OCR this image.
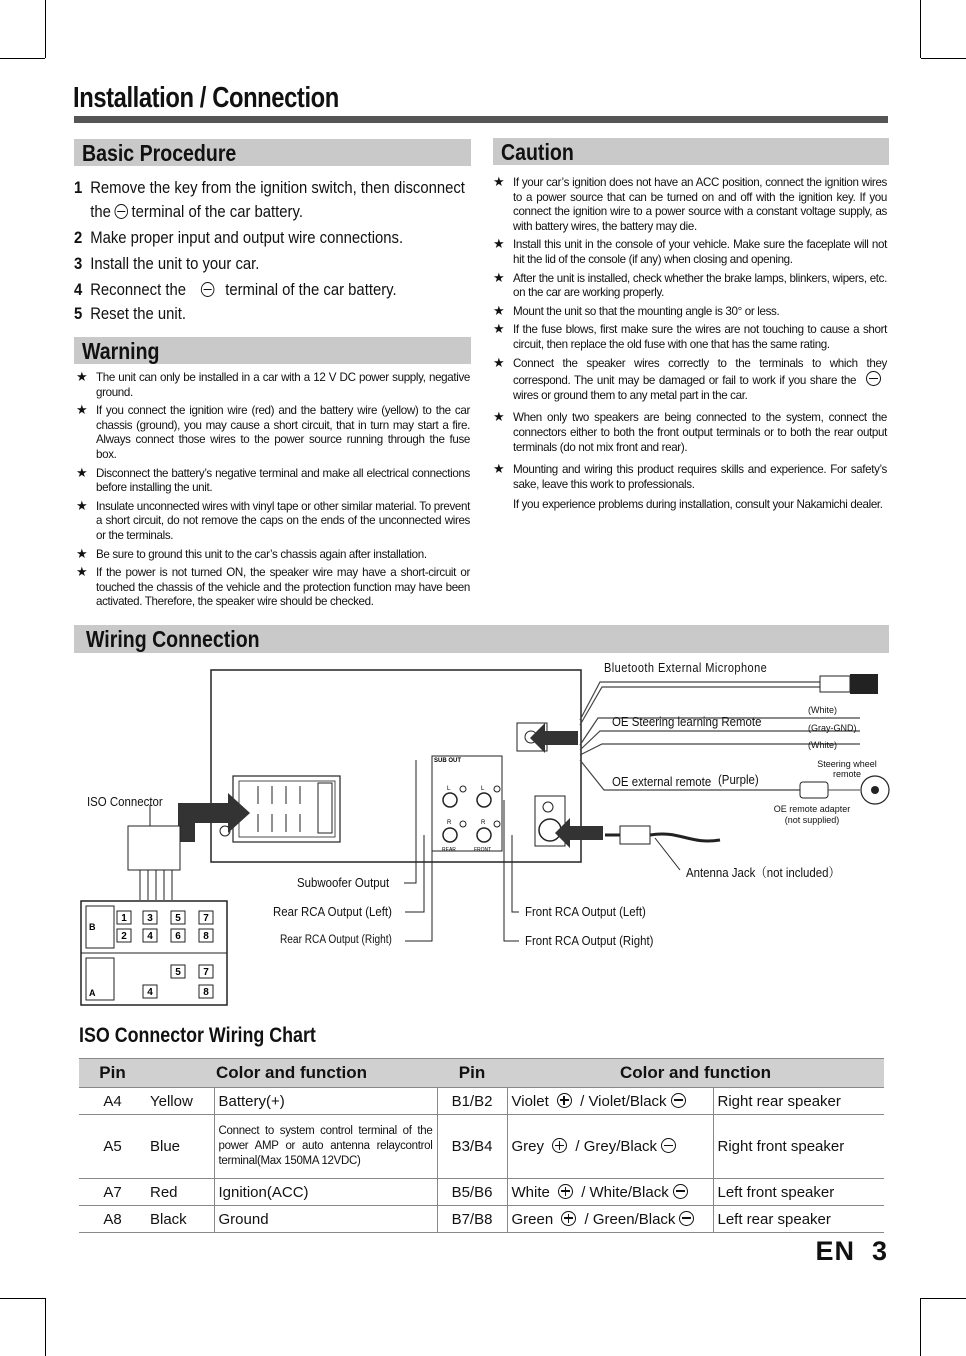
Installation / Connection
Basic Procedure
1 Remove the key from the ignition switch, then disconnect
the terminal of the car battery.
2 Make proper input and output wire connections.
3 Install the unit to your car.
4 Reconnect the terminal of the car battery.
5 Reset the unit.
Warning
★ The unit can only be installed in a car with a 12 V DC power supply, negative ground.
★ If you connect the ignition wire (red) and the battery wire (yellow) to the car chassis (ground), you may cause a short circuit, that in turn may start a fire. Always connect those wires to the power source running through the fuse box.
★ Disconnect the battery’s negative terminal and make all electrical connections before installing the unit.
★ Insulate unconnected wires with vinyl tape or other similar material. To prevent a short circuit, do not remove the caps on the ends of the unconnected wires or the terminals.
★ Be sure to ground this unit to the car’s chassis again after installation.
★ If the power is not turned ON, the speaker wire may have a short-circuit or touched the chassis of the vehicle and the protection function may have been activated. Therefore, the speaker wire should be checked.
Caution
★ If your car’s ignition does not have an ACC position, connect the ignition wires to a power source that can be turned on and off with the ignition key. If you connect the ignition wire to a power source with a constant voltage supply, as with battery wires, the battery may die.
★ Install this unit in the console of your vehicle. Make sure the faceplate will not hit the lid of the console (if any) when closing and opening.
★ After the unit is installed, check whether the brake lamps, blinkers, wipers, etc. on the car are working properly.
★ Mount the unit so that the mounting angle is 30° or less.
★ If the fuse blows, first make sure the wires are not touching to cause a short circuit, then replace the old fuse with one that has the same rating.
★ Connect the speaker wires correctly to the terminals to which they correspond. The unit may be damaged or fail to work if you share the wires or ground them to any metal part in the car.
★ When only two speakers are being connected to the system, connect the connectors either to both the front output terminals or to both the rear output terminals (do not mix front and rear).
★ Mounting and wiring this product requires skills and experience. For safety’s sake, leave this work to professionals.
If you experience problems during installation, consult your Nakamichi dealer.
Wiring Connection
SUB OUT
REAR	FRONT
L
R
L
R
B
A
1 3 5 7
2 4 6 8
5 7
4	8
Bluetooth External Microphone
OE Steering learning Remote
(White)
(Gray-GND)
(White)
Steering wheel remote
OE external remote (Purple)
OE remote adapter (not supplied)
ISO Connector
Antenna Jack（not included）
Subwoofer Output
Rear RCA Output (Left)
Rear RCA Output (Right)
Front RCA Output (Left)
Front RCA Output (Right)
ISO Connector Wiring Chart
Pin	Color and function		Pin	Color and function	
A4	Yellow	Battery(+)	B1/B2	Violet / Violet/Black	Right rear speaker
A5	Blue	Connect to system control terminal of the power AMP or auto antenna relaycontrol terminal(Max 150MA 12VDC)	B3/B4	Grey / Grey/Black	Right front speaker
A7	Red	Ignition(ACC)	B5/B6	White / White/Black	Left front speaker
A8	Black	Ground	B7/B8	Green / Green/Black	Left rear speaker
EN  3
